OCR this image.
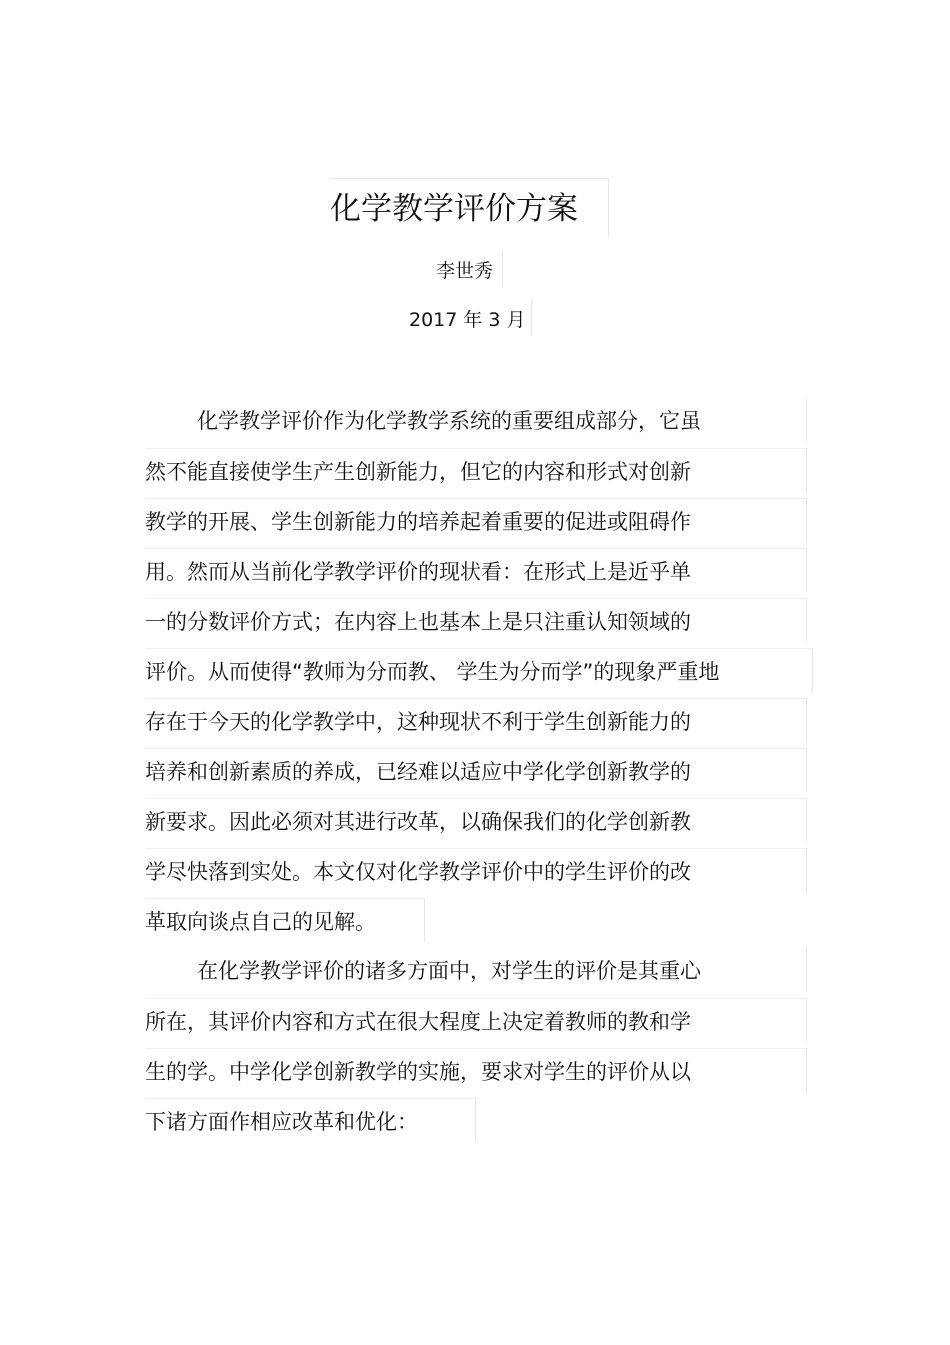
化学教学评价方案
李世秀
2017 年 3 月
化学教学评价作为化学教学系统的重要组成部分，它虽
然不能直接使学生产生创新能力，但它的内容和形式对创新
教学的开展、学生创新能力的培养起着重要的促进或阻碍作
用。然而从当前化学教学评价的现状看：在形式上是近乎单
一的分数评价方式；在内容上也基本上是只注重认知领域的
评价。从而使得“教师为分而教、 学生为分而学”的现象严重地
存在于今天的化学教学中，这种现状不利于学生创新能力的
培养和创新素质的养成，已经难以适应中学化学创新教学的
新要求。因此必须对其进行改革，以确保我们的化学创新教
学尽快落到实处。本文仅对化学教学评价中的学生评价的改
革取向谈点自己的见解。
在化学教学评价的诸多方面中，对学生的评价是其重心
所在，其评价内容和方式在很大程度上决定着教师的教和学
生的学。中学化学创新教学的实施，要求对学生的评价从以
下诸方面作相应改革和优化：
